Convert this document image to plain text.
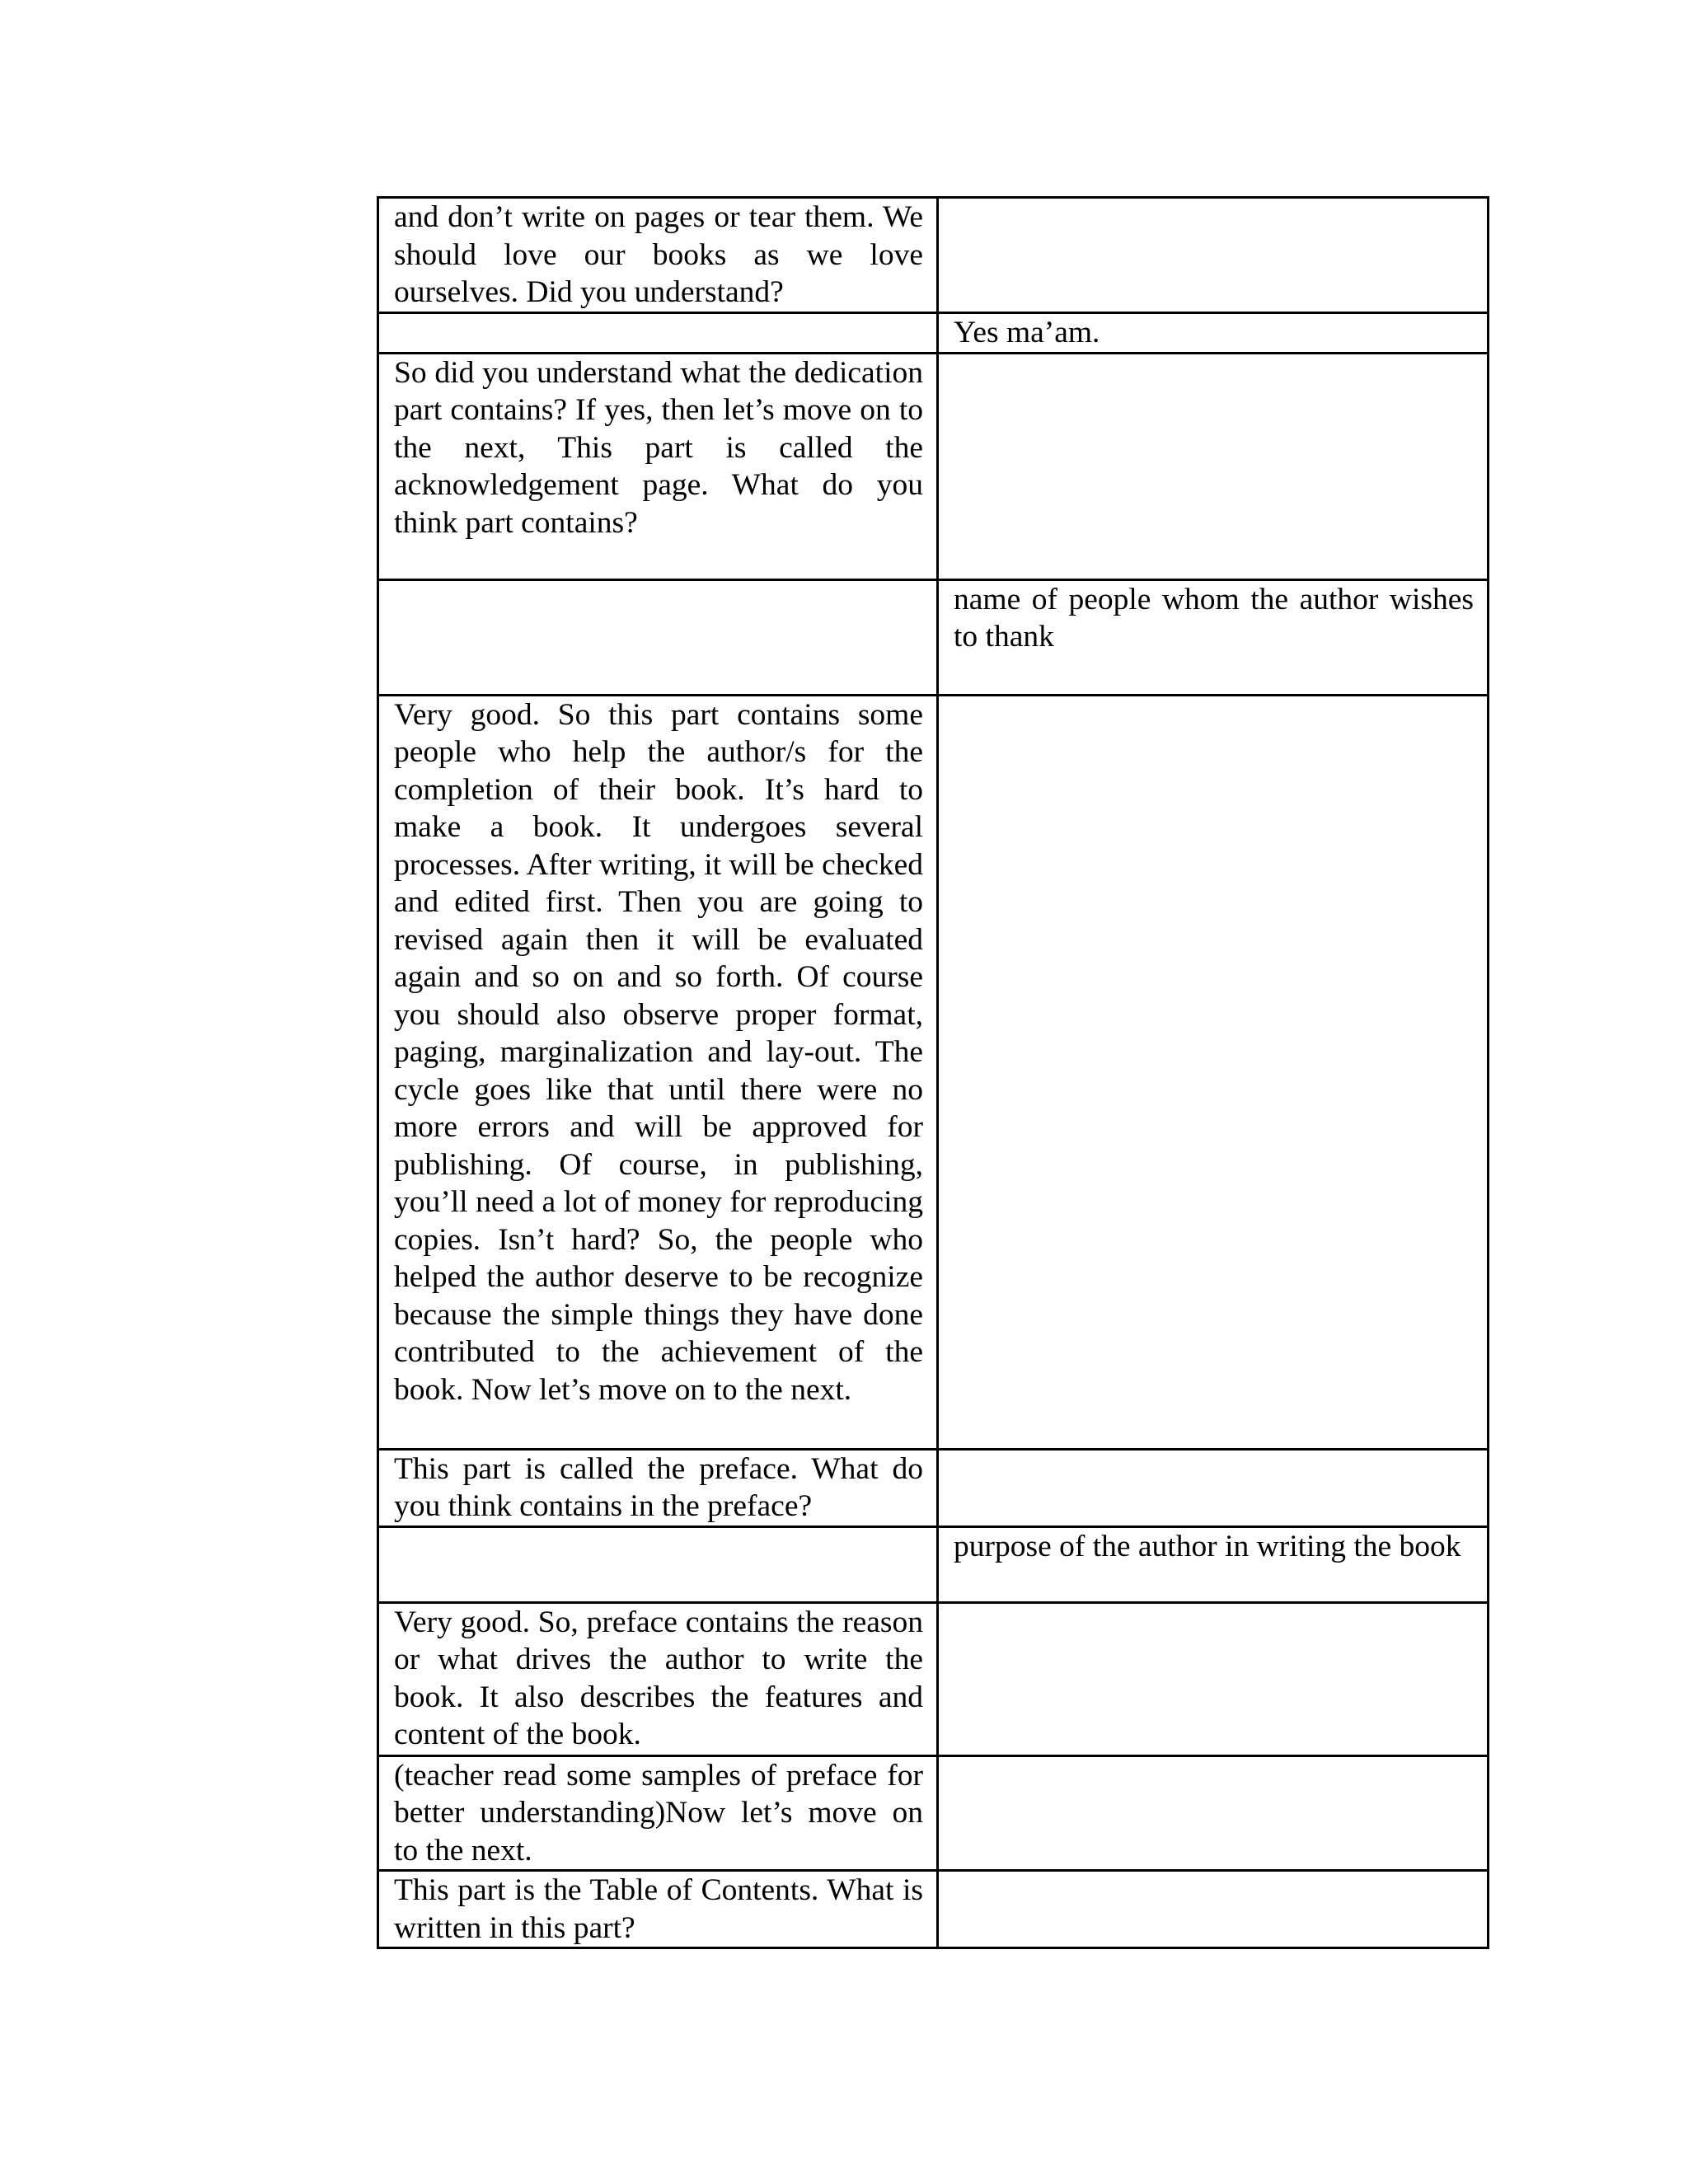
and don’t write on pages or tear them. We should love our books as we love ourselves. Did you understand?	

	Yes ma’am.

So did you understand what the dedication part contains? If yes, then let’s move on to the next, This part is called the acknowledgement page. What do you think part contains?	

	name of people whom the author wishes to thank

Very good. So this part contains some people who help the author/s for the completion of their book. It’s hard to make a book. It undergoes several processes. After writing, it will be checked and edited first. Then you are going to revised again then it will be evaluated again and so on and so forth. Of course you should also observe proper format, paging, marginalization and lay-out. The cycle goes like that until there were no more errors and will be approved for publishing. Of course, in publishing, you’ll need a lot of money for reproducing copies. Isn’t hard? So, the people who helped the author deserve to be recognize because the simple things they have done contributed to the achievement of the book. Now let’s move on to the next.	

This part is called the preface. What do you think contains in the preface?	

	purpose of the author in writing the book

Very good. So, preface contains the reason or what drives the author to write the book. It also describes the features and content of the book.	

(teacher read some samples of preface for better understanding)Now let’s move on to the next.	

This part is the Table of Contents. What is written in this part?	
